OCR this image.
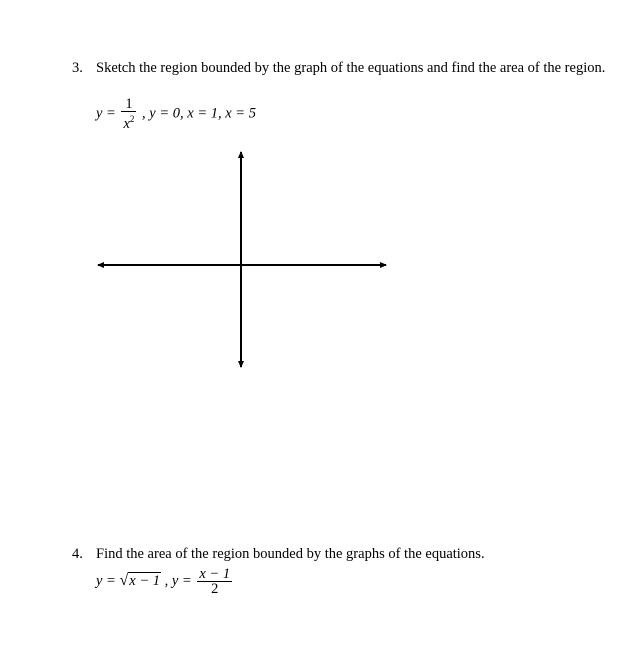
3. Sketch the region bounded by the graph of the equations and find the area of the region.
$y = \frac{1}{x^2}$ , y = 0, x = 1, x = 5
4. Find the area of the region bounded by the graphs of the equations.
y = √x − 1 , $y = \frac{x - 1}{2}$
